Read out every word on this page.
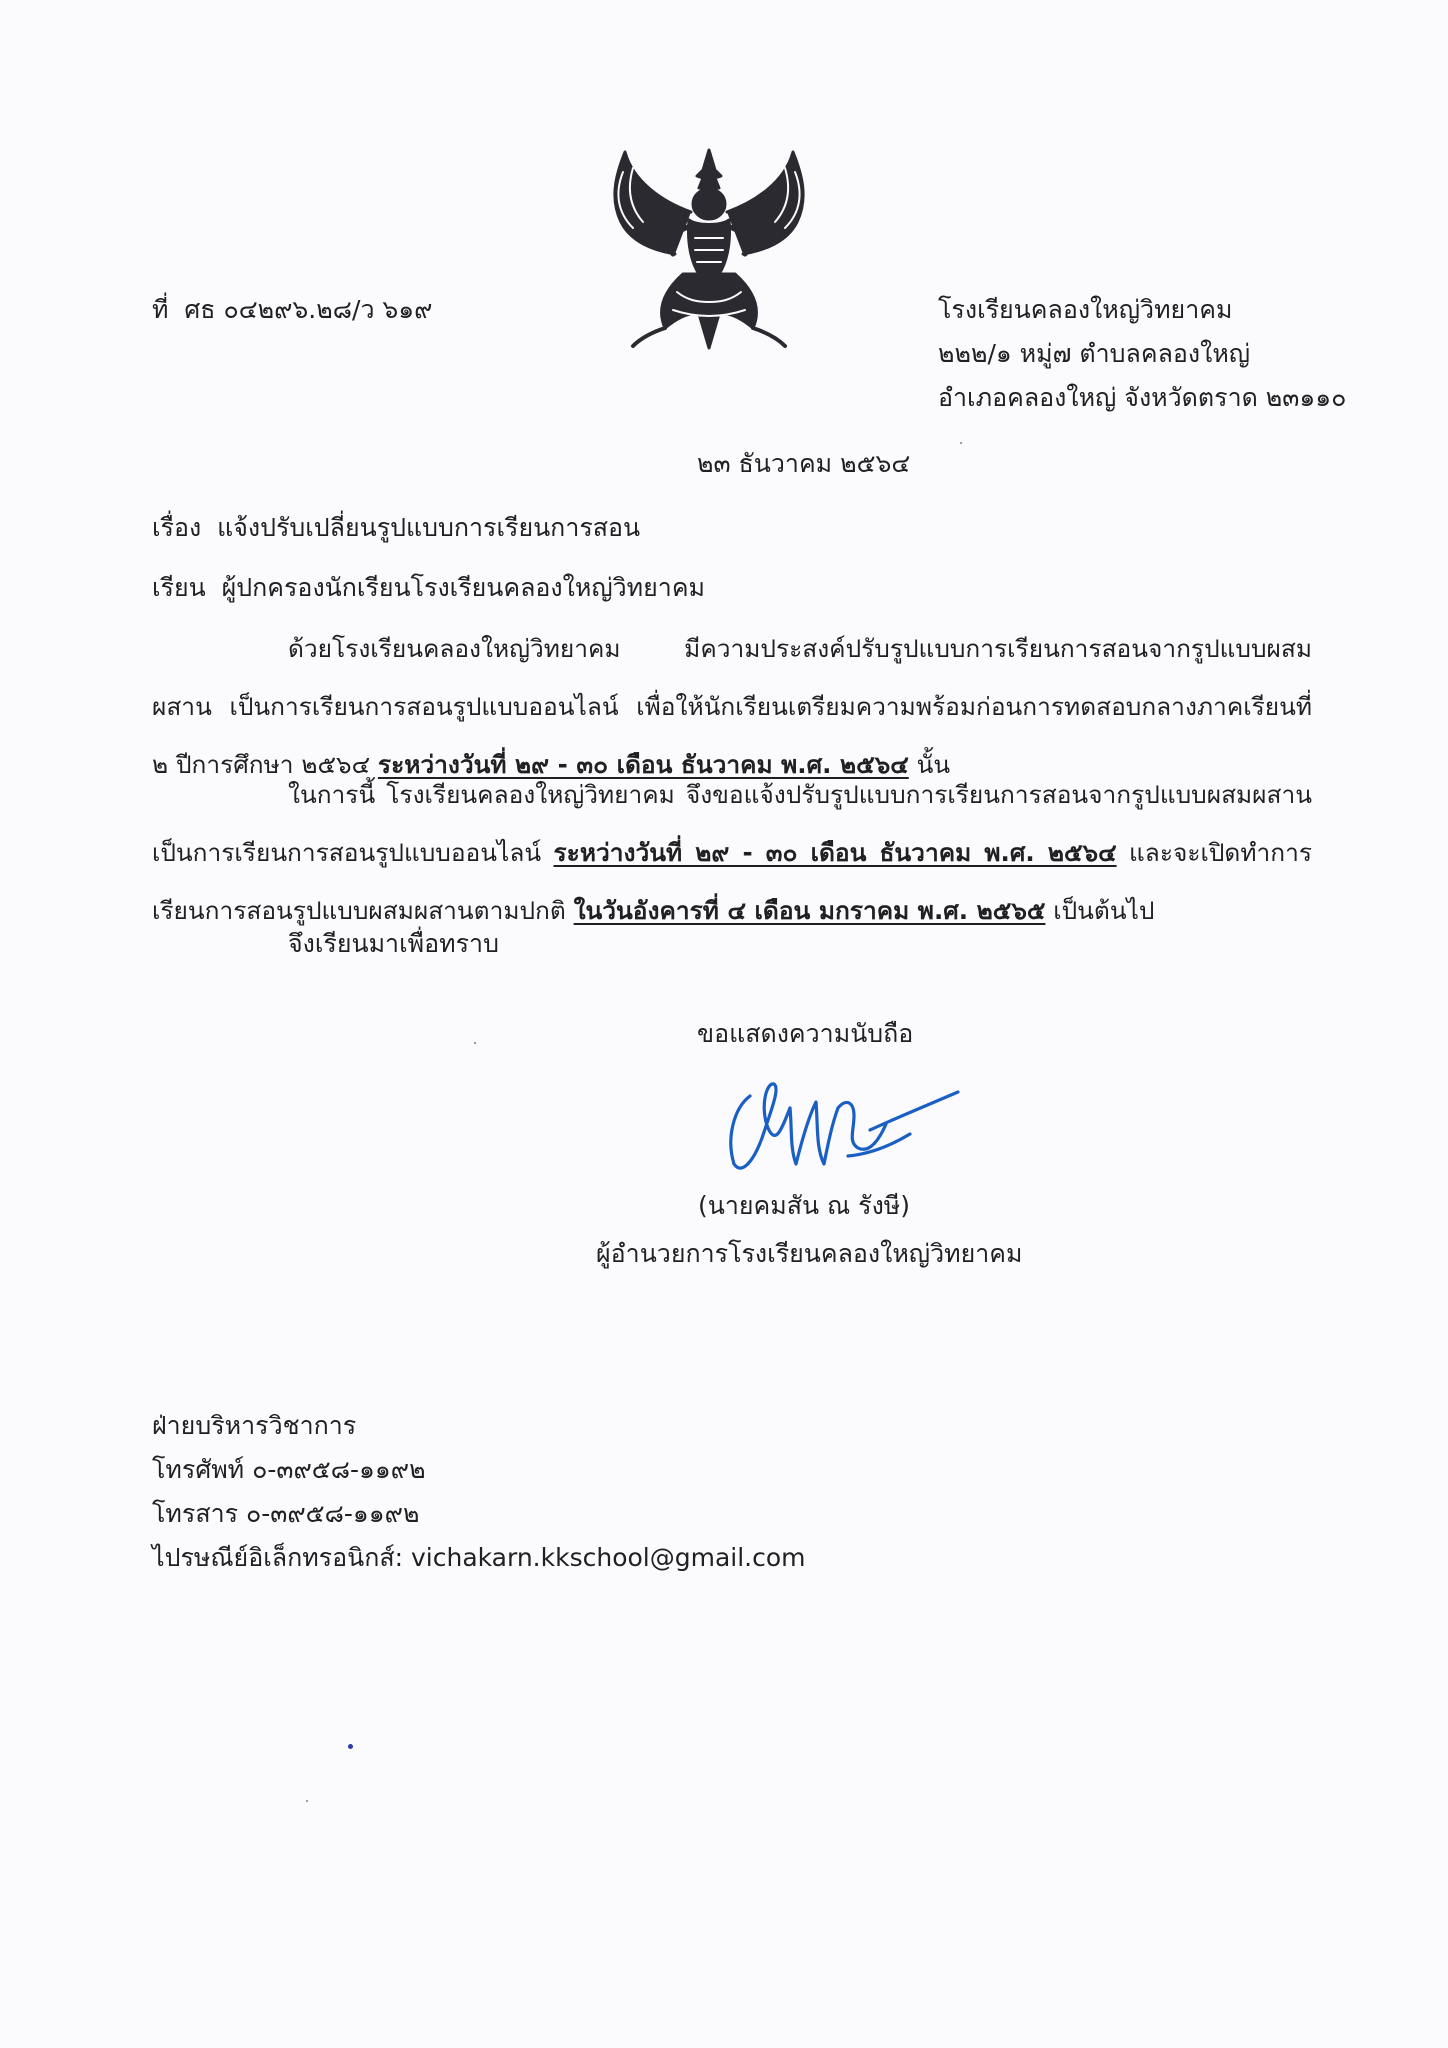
ที่ ศธ ๐๔๒๙๖.๒๘/ว ๖๑๙	โรงเรียนคลองใหญ่วิทยาคม
๒๒๒/๑ หมู่๗ ตำบลคลองใหญ่
อำเภอคลองใหญ่ จังหวัดตราด ๒๓๑๑๐
๒๓ ธันวาคม ๒๕๖๔
เรื่อง แจ้งปรับเปลี่ยนรูปแบบการเรียนการสอน
เรียน ผู้ปกครองนักเรียนโรงเรียนคลองใหญ่วิทยาคม
ด้วยโรงเรียนคลองใหญ่วิทยาคม มีความประสงค์ปรับรูปแบบการเรียนการสอนจากรูปแบบผสมผสาน เป็นการเรียนการสอนรูปแบบออนไลน์ เพื่อให้นักเรียนเตรียมความพร้อมก่อนการทดสอบกลางภาคเรียนที่ ๒ ปีการศึกษา ๒๕๖๔ ระหว่างวันที่ ๒๙ - ๓๐ เดือน ธันวาคม พ.ศ. ๒๕๖๔ นั้น
ในการนี้ โรงเรียนคลองใหญ่วิทยาคม จึงขอแจ้งปรับรูปแบบการเรียนการสอนจากรูปแบบผสมผสาน เป็นการเรียนการสอนรูปแบบออนไลน์ ระหว่างวันที่ ๒๙ - ๓๐ เดือน ธันวาคม พ.ศ. ๒๕๖๔ และจะเปิดทำการเรียนการสอนรูปแบบผสมผสานตามปกติ ในวันอังคารที่ ๔ เดือน มกราคม พ.ศ. ๒๕๖๕ เป็นต้นไป
จึงเรียนมาเพื่อทราบ
ขอแสดงความนับถือ
(นายคมสัน ณ รังษี)
ผู้อำนวยการโรงเรียนคลองใหญ่วิทยาคม
ฝ่ายบริหารวิชาการ
โทรศัพท์ ๐-๓๙๕๘-๑๑๙๒
โทรสาร ๐-๓๙๕๘-๑๑๙๒
ไปรษณีย์อิเล็กทรอนิกส์: vichakarn.kkschool@gmail.com
